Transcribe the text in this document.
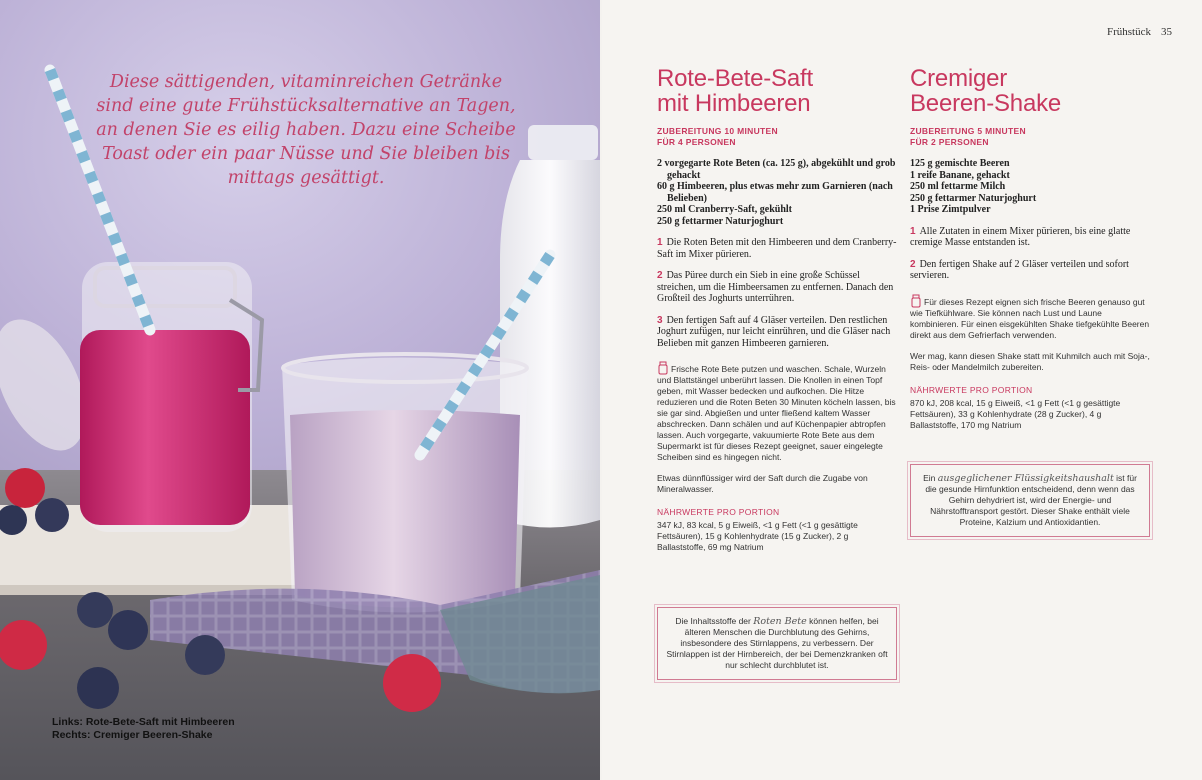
Diese sättigenden, vitaminreichen Getränke sind eine gute Frühstücksalternative an Tagen, an denen Sie es eilig haben. Dazu eine Scheibe Toast oder ein paar Nüsse und Sie bleiben bis mittags gesättigt.
Links: Rote-Bete-Saft mit Himbeeren
Rechts: Cremiger Beeren-Shake
Frühstück 35
Rote-Bete-Saft
mit Himbeeren
ZUBEREITUNG 10 MINUTEN
FÜR 4 PERSONEN
2 vorgegarte Rote Beten (ca. 125 g), abgekühlt und grob gehackt
60 g Himbeeren, plus etwas mehr zum Garnieren (nach Belieben)
250 ml Cranberry-Saft, gekühlt
250 g fettarmer Naturjoghurt
1 Die Roten Beten mit den Himbeeren und dem Cranberry-Saft im Mixer pürieren.
2 Das Püree durch ein Sieb in eine große Schüssel streichen, um die Himbeersamen zu entfernen. Danach den Großteil des Joghurts unterrühren.
3 Den fertigen Saft auf 4 Gläser verteilen. Den restlichen Joghurt zufügen, nur leicht einrühren, und die Gläser nach Belieben mit ganzen Himbeeren garnieren.
Frische Rote Bete putzen und waschen. Schale, Wurzeln und Blattstängel unberührt lassen. Die Knollen in einen Topf geben, mit Wasser bedecken und aufkochen. Die Hitze reduzieren und die Roten Beten 30 Minuten köcheln lassen, bis sie gar sind. Abgießen und unter fließend kaltem Wasser abschrecken. Dann schälen und auf Küchenpapier abtropfen lassen. Auch vorgegarte, vakuumierte Rote Bete aus dem Supermarkt ist für dieses Rezept geeignet, sauer eingelegte Scheiben sind es hingegen nicht.
Etwas dünnflüssiger wird der Saft durch die Zugabe von Mineralwasser.
NÄHRWERTE PRO PORTION
347 kJ, 83 kcal, 5 g Eiweiß, <1 g Fett (<1 g gesättigte Fettsäuren), 15 g Kohlenhydrate (15 g Zucker), 2 g Ballaststoffe, 69 mg Natrium
Die Inhaltsstoffe der Roten Bete können helfen, bei älteren Menschen die Durchblutung des Gehirns, insbesondere des Stirnlappens, zu verbessern. Der Stirnlappen ist der Hirnbereich, der bei Demenzkranken oft nur schlecht durchblutet ist.
Cremiger
Beeren-Shake
ZUBEREITUNG 5 MINUTEN
FÜR 2 PERSONEN
125 g gemischte Beeren
1 reife Banane, gehackt
250 ml fettarme Milch
250 g fettarmer Naturjoghurt
1 Prise Zimtpulver
1 Alle Zutaten in einem Mixer pürieren, bis eine glatte cremige Masse entstanden ist.
2 Den fertigen Shake auf 2 Gläser verteilen und sofort servieren.
Für dieses Rezept eignen sich frische Beeren genauso gut wie Tiefkühlware. Sie können nach Lust und Laune kombinieren. Für einen eisgekühlten Shake tiefgekühlte Beeren direkt aus dem Gefrierfach verwenden.
Wer mag, kann diesen Shake statt mit Kuhmilch auch mit Soja-, Reis- oder Mandelmilch zubereiten.
NÄHRWERTE PRO PORTION
870 kJ, 208 kcal, 15 g Eiweiß, <1 g Fett (<1 g gesättigte Fettsäuren), 33 g Kohlenhydrate (28 g Zucker), 4 g Ballaststoffe, 170 mg Natrium
Ein ausgeglichener Flüssigkeitshaushalt ist für die gesunde Hirnfunktion entscheidend, denn wenn das Gehirn dehydriert ist, wird der Energie- und Nährstofftransport gestört. Dieser Shake enthält viele Proteine, Kalzium und Antioxidantien.
